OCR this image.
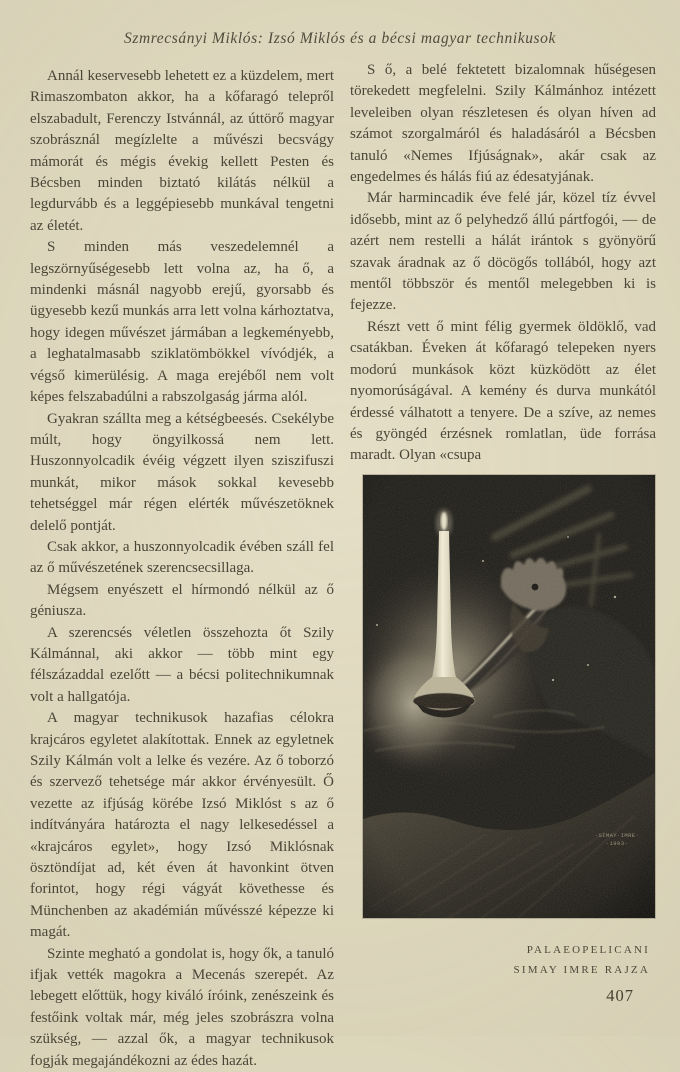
Szmrecsányi Miklós: Izsó Miklós és a bécsi magyar technikusok

Annál keservesebb lehetett ez a küzdelem, mert Rimaszombaton akkor, ha a kőfaragó telepről elszabadult, Ferenczy Istvánnál, az úttörő magyar szobrásznál megízlelte a művészi becsvágy mámorát és mégis évekig kellett Pesten és Bécsben minden biztató kilátás nélkül a legdurvább és a leggépiesebb munkával tengetni az életét.

S minden más veszedelemnél a legszörnyűségesebb lett volna az, ha ő, a mindenki másnál nagyobb erejű, gyorsabb és ügyesebb kezű munkás arra lett volna kárhoztatva, hogy idegen művészet jármában a legkeményebb, a leghatalmasabb sziklatömbökkel vívódjék, a végső kimerülésig. A maga erejéből nem volt képes felszabadúlni a rabszolgaság járma alól.

Gyakran szállta meg a kétségbeesés. Csekélybe múlt, hogy öngyilkossá nem lett. Huszonnyolcadik évéig végzett ilyen sziszifuszi munkát, mikor mások sokkal kevesebb tehetséggel már régen elérték művészetöknek delelő pontját.

Csak akkor, a huszonnyolcadik évében száll fel az ő művészetének szerencsecsillaga.

Mégsem enyészett el hírmondó nélkül az ő géniusza.

A szerencsés véletlen összehozta őt Szily Kálmánnal, aki akkor — több mint egy félszázaddal ezelőtt — a bécsi politechnikumnak volt a hallgatója.

A magyar technikusok hazafias célokra krajcáros egyletet alakítottak. Ennek az egyletnek Szily Kálmán volt a lelke és vezére. Az ő toborzó és szervező tehetsége már akkor érvényesült. Ő vezette az ifjúság körébe Izsó Miklóst s az ő indítványára határozta el nagy lelkesedéssel a «krajcáros egylet», hogy Izsó Miklósnak ösztöndíjat ad, két éven át havonkint ötven forintot, hogy régi vágyát követhesse és Münchenben az akadémián művésszé képezze ki magát.

Szinte megható a gondolat is, hogy ők, a tanuló ifjak vették magokra a Mecenás szerepét. Az lebegett előttük, hogy kiváló íróink, zenészeink és festőink voltak már, még jeles szobrászra volna szükség, — azzal ők, a magyar technikusok fogják megajándékozni az édes hazát.

S ő, a belé fektetett bizalomnak hűségesen törekedett megfelelni. Szily Kálmánhoz intézett leveleiben olyan részletesen és olyan híven ad számot szorgalmáról és haladásáról a Bécsben tanuló «Nemes Ifjúságnak», akár csak az engedelmes és hálás fiú az édesatyjának.

Már harmincadik éve felé jár, közel tíz évvel idősebb, mint az ő pelyhedző állú pártfogói, — de azért nem restelli a hálát irántok s gyönyörű szavak áradnak az ő döcögős tollából, hogy azt mentől többször és mentől melegebben ki is fejezze.

Részt vett ő mint félig gyermek öldöklő, vad csatákban. Éveken át kőfaragó telepeken nyers modorú munkások közt küzködött az élet nyomorúságával. A kemény és durva munkától érdessé válhatott a tenyere. De a szíve, az nemes és gyöngéd érzésnek romlatlan, üde forrása maradt. Olyan «csupa

PALAEOPELICANI
SIMAY IMRE RAJZA
407
